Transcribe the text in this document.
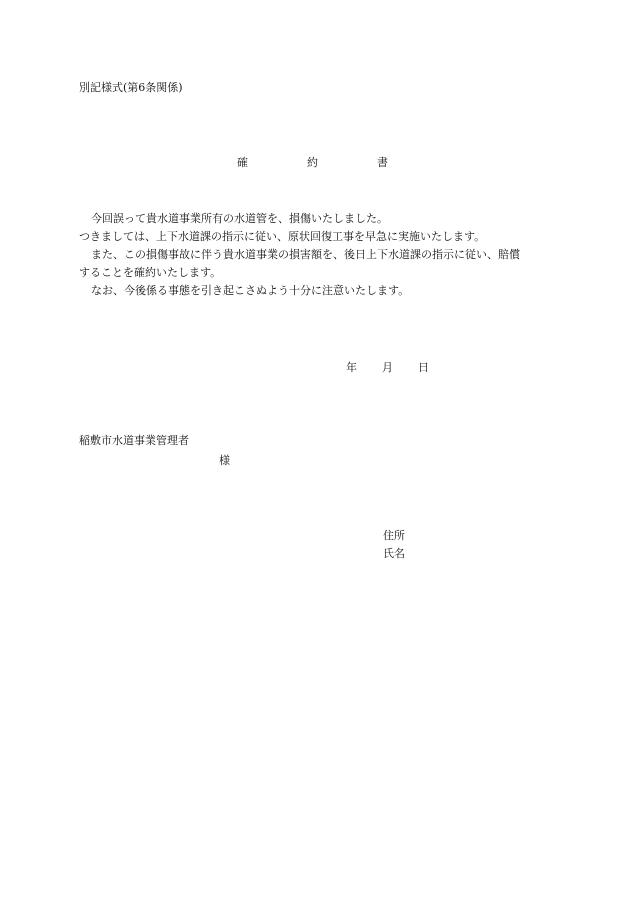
別記様式(第6条関係)
確	約	書
今回誤って貴水道事業所有の水道管を、損傷いたしました。
つきましては、上下水道課の指示に従い、原状回復工事を早急に実施いたします。
また、この損傷事故に伴う貴水道事業の損害額を、後日上下水道課の指示に従い、賠償
することを確約いたします。
なお、今後係る事態を引き起こさぬよう十分に注意いたします。
年 月 日
稲敷市水道事業管理者
様
住所
氏名
